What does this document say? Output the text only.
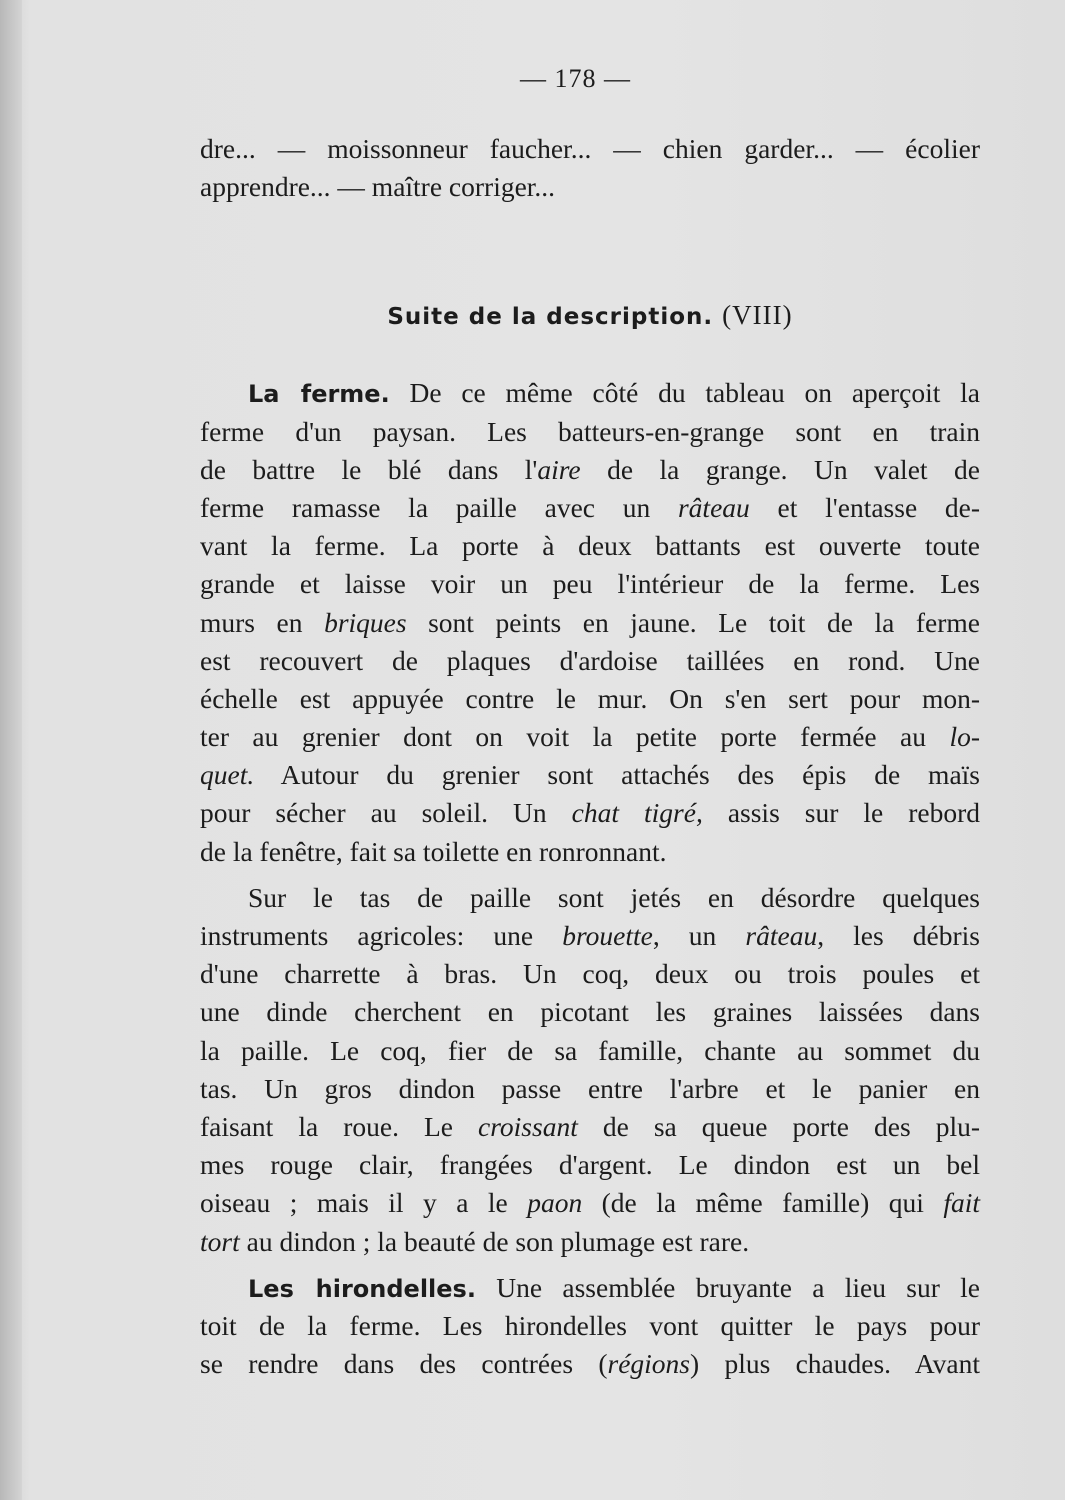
— 178 —
dre... — moissonneur faucher... — chien garder... — écolier
apprendre... — maître corriger...
Suite de la description. (VIII)
La ferme. De ce même côté du tableau on aperçoit la
ferme d'un paysan. Les batteurs-en-grange sont en train
de battre le blé dans l'aire de la grange. Un valet de
ferme ramasse la paille avec un râteau et l'entasse de-
vant la ferme. La porte à deux battants est ouverte toute
grande et laisse voir un peu l'intérieur de la ferme. Les
murs en briques sont peints en jaune. Le toit de la ferme
est recouvert de plaques d'ardoise taillées en rond. Une
échelle est appuyée contre le mur. On s'en sert pour mon-
ter au grenier dont on voit la petite porte fermée au lo-
quet. Autour du grenier sont attachés des épis de maïs
pour sécher au soleil. Un chat tigré, assis sur le rebord
de la fenêtre, fait sa toilette en ronronnant.
Sur le tas de paille sont jetés en désordre quelques
instruments agricoles: une brouette, un râteau, les débris
d'une charrette à bras. Un coq, deux ou trois poules et
une dinde cherchent en picotant les graines laissées dans
la paille. Le coq, fier de sa famille, chante au sommet du
tas. Un gros dindon passe entre l'arbre et le panier en
faisant la roue. Le croissant de sa queue porte des plu-
mes rouge clair, frangées d'argent. Le dindon est un bel
oiseau ; mais il y a le paon (de la même famille) qui fait
tort au dindon ; la beauté de son plumage est rare.
Les hirondelles. Une assemblée bruyante a lieu sur le
toit de la ferme. Les hirondelles vont quitter le pays pour
se rendre dans des contrées (régions) plus chaudes. Avant
